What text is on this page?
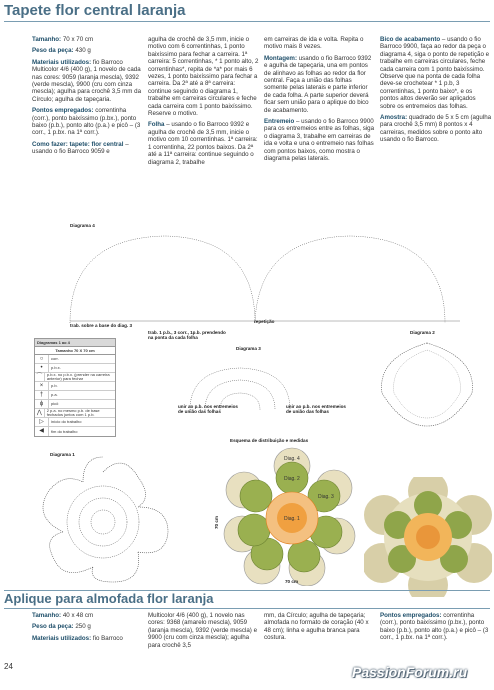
Tapete flor central laranja

Tamanho: 70 x 70 cm

Peso da peça: 430 g

Materiais utilizados: fio Barroco Multicolor 4/6 (400 g), 1 novelo de cada nas cores: 9059 (laranja mescla), 9392 (verde mescla), 9900 (cru com cinza mescla); agulha para crochê 3,5 mm da Círculo; agulha de tapeçaria.

Pontos empregados: correntinha (corr.), ponto baixíssimo (p.bx.), ponto baixo (p.b.), ponto alto (p.a.) e picô – (3 corr., 1 p.bx. na 1ª corr.).

Como fazer: tapete: flor central – usando o fio Barroco 9059 e

agulha de crochê de 3,5 mm, inicie o motivo com 6 correntinhas, 1 ponto baixíssimo para fechar a carreira. 1ª carreira: 5 correntinhas, * 1 ponto alto, 2 correntinhas*, repita de *a* por mais 6 vezes, 1 ponto baixíssimo para fechar a carreira. Da 2ª até a 8ª carreira: continue seguindo o diagrama 1, trabalhe em carreiras circulares e feche cada carreira com 1 ponto baixíssimo. Reserve o motivo.

Folha – usando o fio Barroco 9392 e agulha de crochê de 3,5 mm, inicie o motivo com 10 correntinhas. 1ª carreira: 1 correntinha, 22 pontos baixos. Da 2ª até a 11ª carreira: continue seguindo o diagrama 2, trabalhe

em carreiras de ida e volta. Repita o motivo mais 8 vezes.

Montagem: usando o fio Barroco 9392 e agulha de tapeçaria, una em pontos de alinhavo as folhas ao redor da flor central. Faça a união das folhas somente pelas laterais e parte inferior de cada folha. A parte superior deverá ficar sem união para o aplique do bico de acabamento.

Entremeio – usando o fio Barroco 9900 para os entremeios entre as folhas, siga o diagrama 3, trabalhe em carreiras de ida e volta e una o entremeio nas folhas com pontos baixos, como mostra o diagrama pelas laterais.

Bico de acabamento – usando o fio Barroco 9900, faça ao redor da peça o diagrama 4, siga o ponto de repetição e trabalhe em carreiras circulares, feche cada carreira com 1 ponto baixíssimo. Observe que na ponta de cada folha deve-se crochetear * 1 p.b, 3 correntinhas, 1 ponto baixo*, e os pontos altos deverão ser apliçados sobre os entremeios das folhas.

Amostra: quadrado de 5 x 5 cm (agulha para crochê 3,5 mm) 8 pontos x 4 carreiras, medidos sobre o ponto alto usando o fio Barroco.

Diagrama 4
trab. sobre a base do diag. 3
trab. 1 p.b., 3 corr., 1p.b. prendendo na ponta da cada folha
repetição
Diagramas 1 ao 4
Tamanho 70 X 70 cm
○	corr.
•	p.b.x.
⌒	p.b.x. no p.b.x. (prender na carreira anterior) para fechar
×	p.b.
†	p.a.
ɸ	picô
⋀	2 p.a. no mesmo p.b. de base fechados juntos com 1 p.b.
▷	início do trabalho
◀	fim do trabalho
Diagrama 3
unir ao p.b. nos entremeios de união das folhas
unir ao p.b. nos entremeios de união das folhas
Diagrama 2
Diagrama 1
Esquema de distribuição e medidas
Diag. 1
Diag. 2
Diag. 3
Diag. 4
70 cm
70 cm
Aplique para almofada flor laranja

Tamanho: 40 x 48 cm

Peso da peça: 250 g

Materiais utilizados: fio Barroco

Multicolor 4/6 (400 g), 1 novelo nas cores: 9368 (amarelo mescla), 9059 (laranja mescla), 9392 (verde mescla) e 9900 (cru com cinza mescla); agulha para crochê 3,5

mm, da Círculo; agulha de tapeçaria; almofada no formato de coração (40 x 48 cm); linha e agulha branca para costura.

Pontos empregados: correntinha (corr.), ponto baixíssimo (p.bx.), ponto baixo (p.b.), ponto alto (p.a.) e picô – (3 corr., 1 p.bx. na 1ª corr.).

24	PassionForum.ru
